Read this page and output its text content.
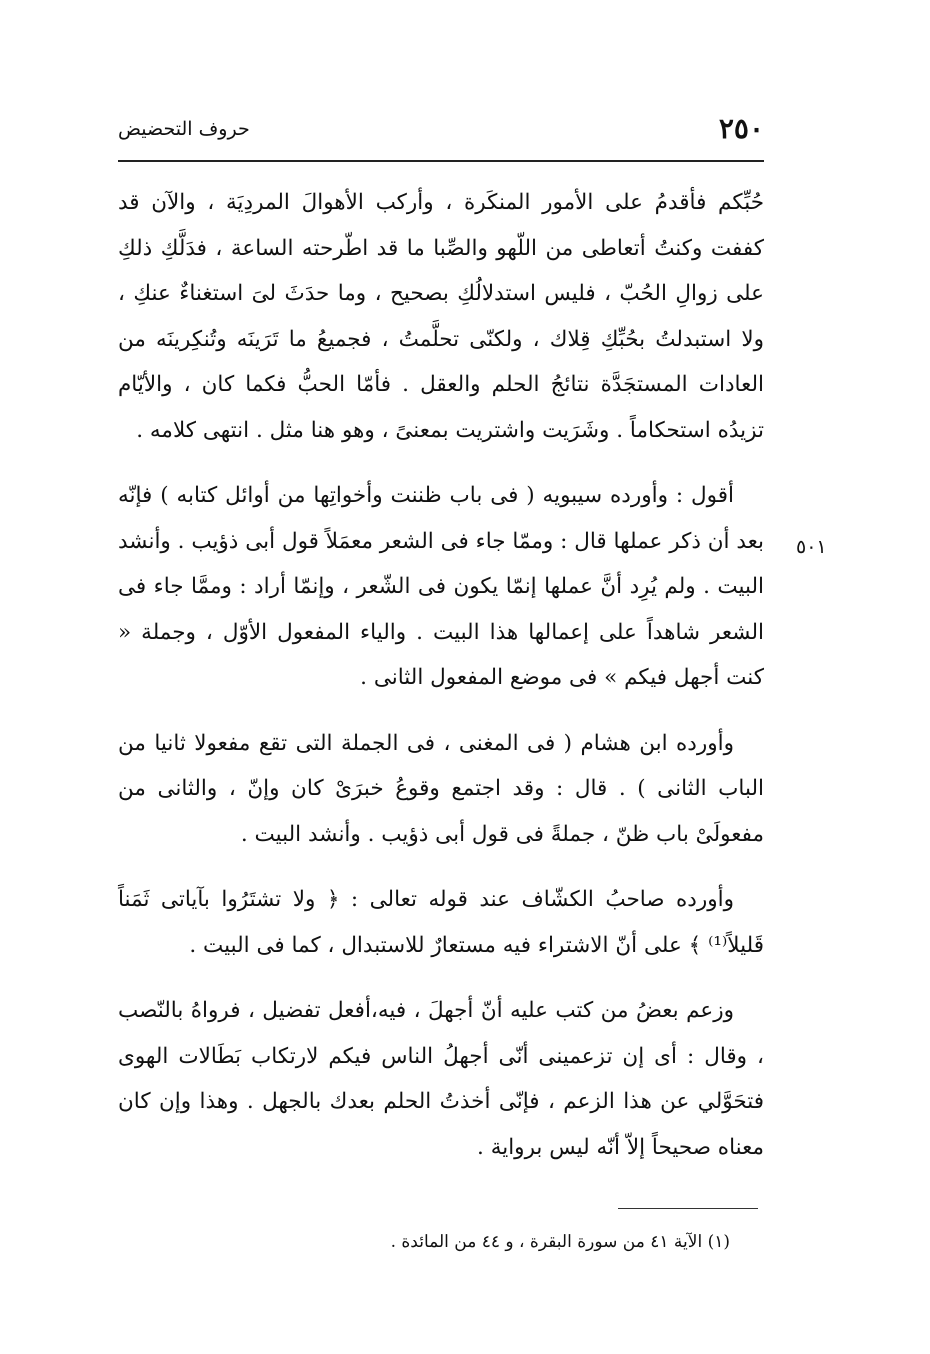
٢٥٠
حروف التحضيض
٥٠١

حُبِّكم فأقدمُ على الأمور المنكَرة ، وأركب الأهوالَ المردِيَة ، والآن قد كففت وكنتُ أتعاطى من اللّهو والصِّبا ما قد اطّرحته الساعة ، فدَلَّكِ ذلكِ على زوالِ الحُبّ ، فليس استدلالُكِ بصحيح ، وما حدَثَ لىَ استغناءٌ عنكِ ، ولا استبدلتُ بحُبِّكِ قِلاك ، ولكنّى تحلَّمتُ ، فجميعُ ما تَرَينَه وتُنكِرينَه من العادات المستجَدَّة نتائجُ الحلم والعقل . فأمّا الحبُّ فكما كان ، والأيّام تزيدُه استحكاماً . وشَرَيت واشتريت بمعنىً ، وهو هنا مثل . انتهى كلامه .

أقول : وأورده سيبويه ( فى باب ظننت وأخواتِها من أوائل كتابه ) فإنّه بعد أن ذكر عملها قال : وممّا جاء فى الشعر معمَلاً قول أبى ذؤيب . وأنشد البيت . ولم يُرِد أنَّ عملها إنمّا يكون فى الشّعر ، وإنمّا أراد : وممَّا جاء فى الشعر شاهداً على إعمالها هذا البيت . والياء المفعول الأوّل ، وجملة « كنت أجهل فيكم » فى موضع المفعول الثانى .

وأورده ابن هشام ( فى المغنى ، فى الجملة التى تقع مفعولا ثانيا من الباب الثانى ) . قال : وقد اجتمع وقوعُ خبرَىْ كان وإنّ ، والثانى من مفعولَىْ باب ظنّ ، جملةً فى قول أبى ذؤيب . وأنشد البيت .

وأورده صاحبُ الكشّاف عند قوله تعالى : ﴿ ولا تشتَرُوا بآياتى ثَمَناً قَليلاً⁽¹⁾ ﴾ على أنّ الاشتراء فيه مستعارٌ للاستبدال ، كما فى البيت .

وزعم بعضُ من كتب عليه أنّ أجهلَ ، فيه،أفعل تفضيل ، فرواهُ بالنّصب ، وقال : أى إن تزعمينى أنّى أجهلُ الناس فيكم لارتكاب بَطَالات الهوى فتحَوَّلي عن هذا الزعم ، فإنّى أخذتُ الحلم بعدك بالجهل . وهذا وإن كان معناه صحيحاً إلاّ أنّه ليس برواية .

(١) الآية ٤١ من سورة البقرة ، و ٤٤ من المائدة .
